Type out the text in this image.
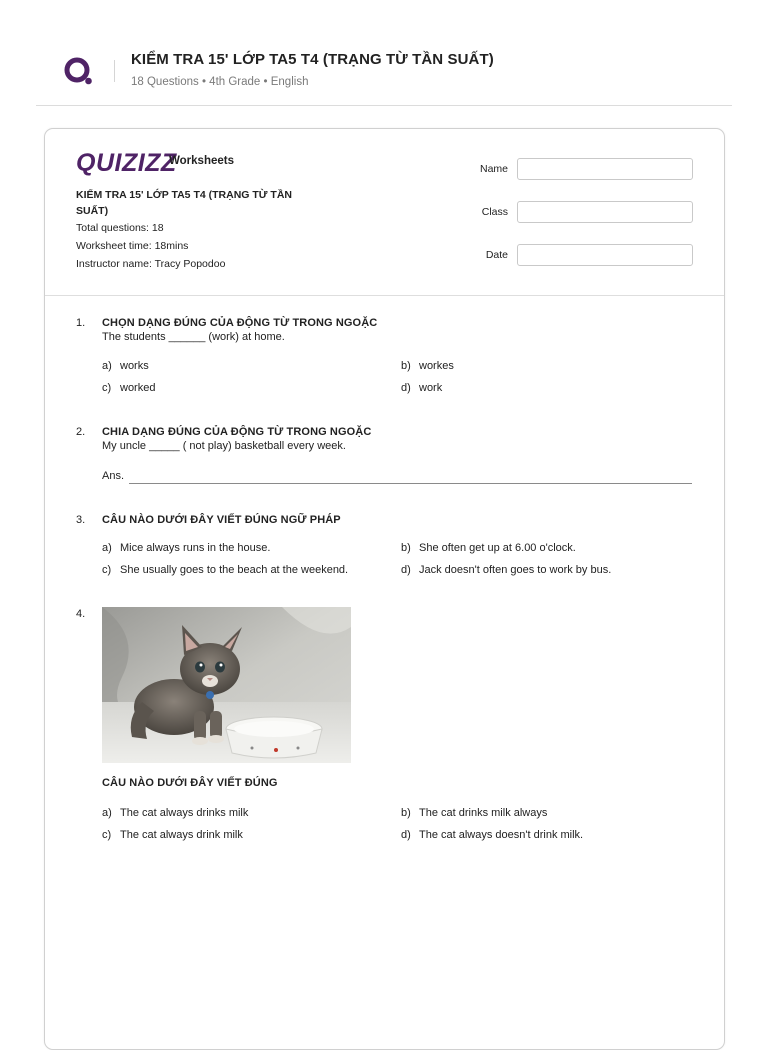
KIỂM TRA 15' LỚP TA5 T4 (TRẠNG TỪ TẦN SUẤT)
18 Questions • 4th Grade • English
QUIZIZZ
Worksheets
KIỂM TRA 15' LỚP TA5 T4 (TRẠNG TỪ TẦN SUẤT)
Total questions: 18
Worksheet time: 18mins
Instructor name: Tracy Popodoo
Name
Class
Date
1. CHỌN DẠNG ĐÚNG CỦA ĐỘNG TỪ TRONG NGOẶC
The students ______ (work) at home.
a) works	b) workes
c) worked	d) work
2. CHIA DẠNG ĐÚNG CỦA ĐỘNG TỪ TRONG NGOẶC
My uncle _____ ( not play) basketball every week.
Ans.
3. CÂU NÀO DƯỚI ĐÂY VIẾT ĐÚNG NGỮ PHÁP
a) Mice always runs in the house.	b) She often get up at 6.00 o'clock.
c) She usually goes to the beach at the weekend.	d) Jack doesn't often goes to work by bus.
4.
CÂU NÀO DƯỚI ĐÂY VIẾT ĐÚNG
a) The cat always drinks milk	b) The cat drinks milk always
c) The cat always drink milk	d) The cat always doesn't drink milk.
